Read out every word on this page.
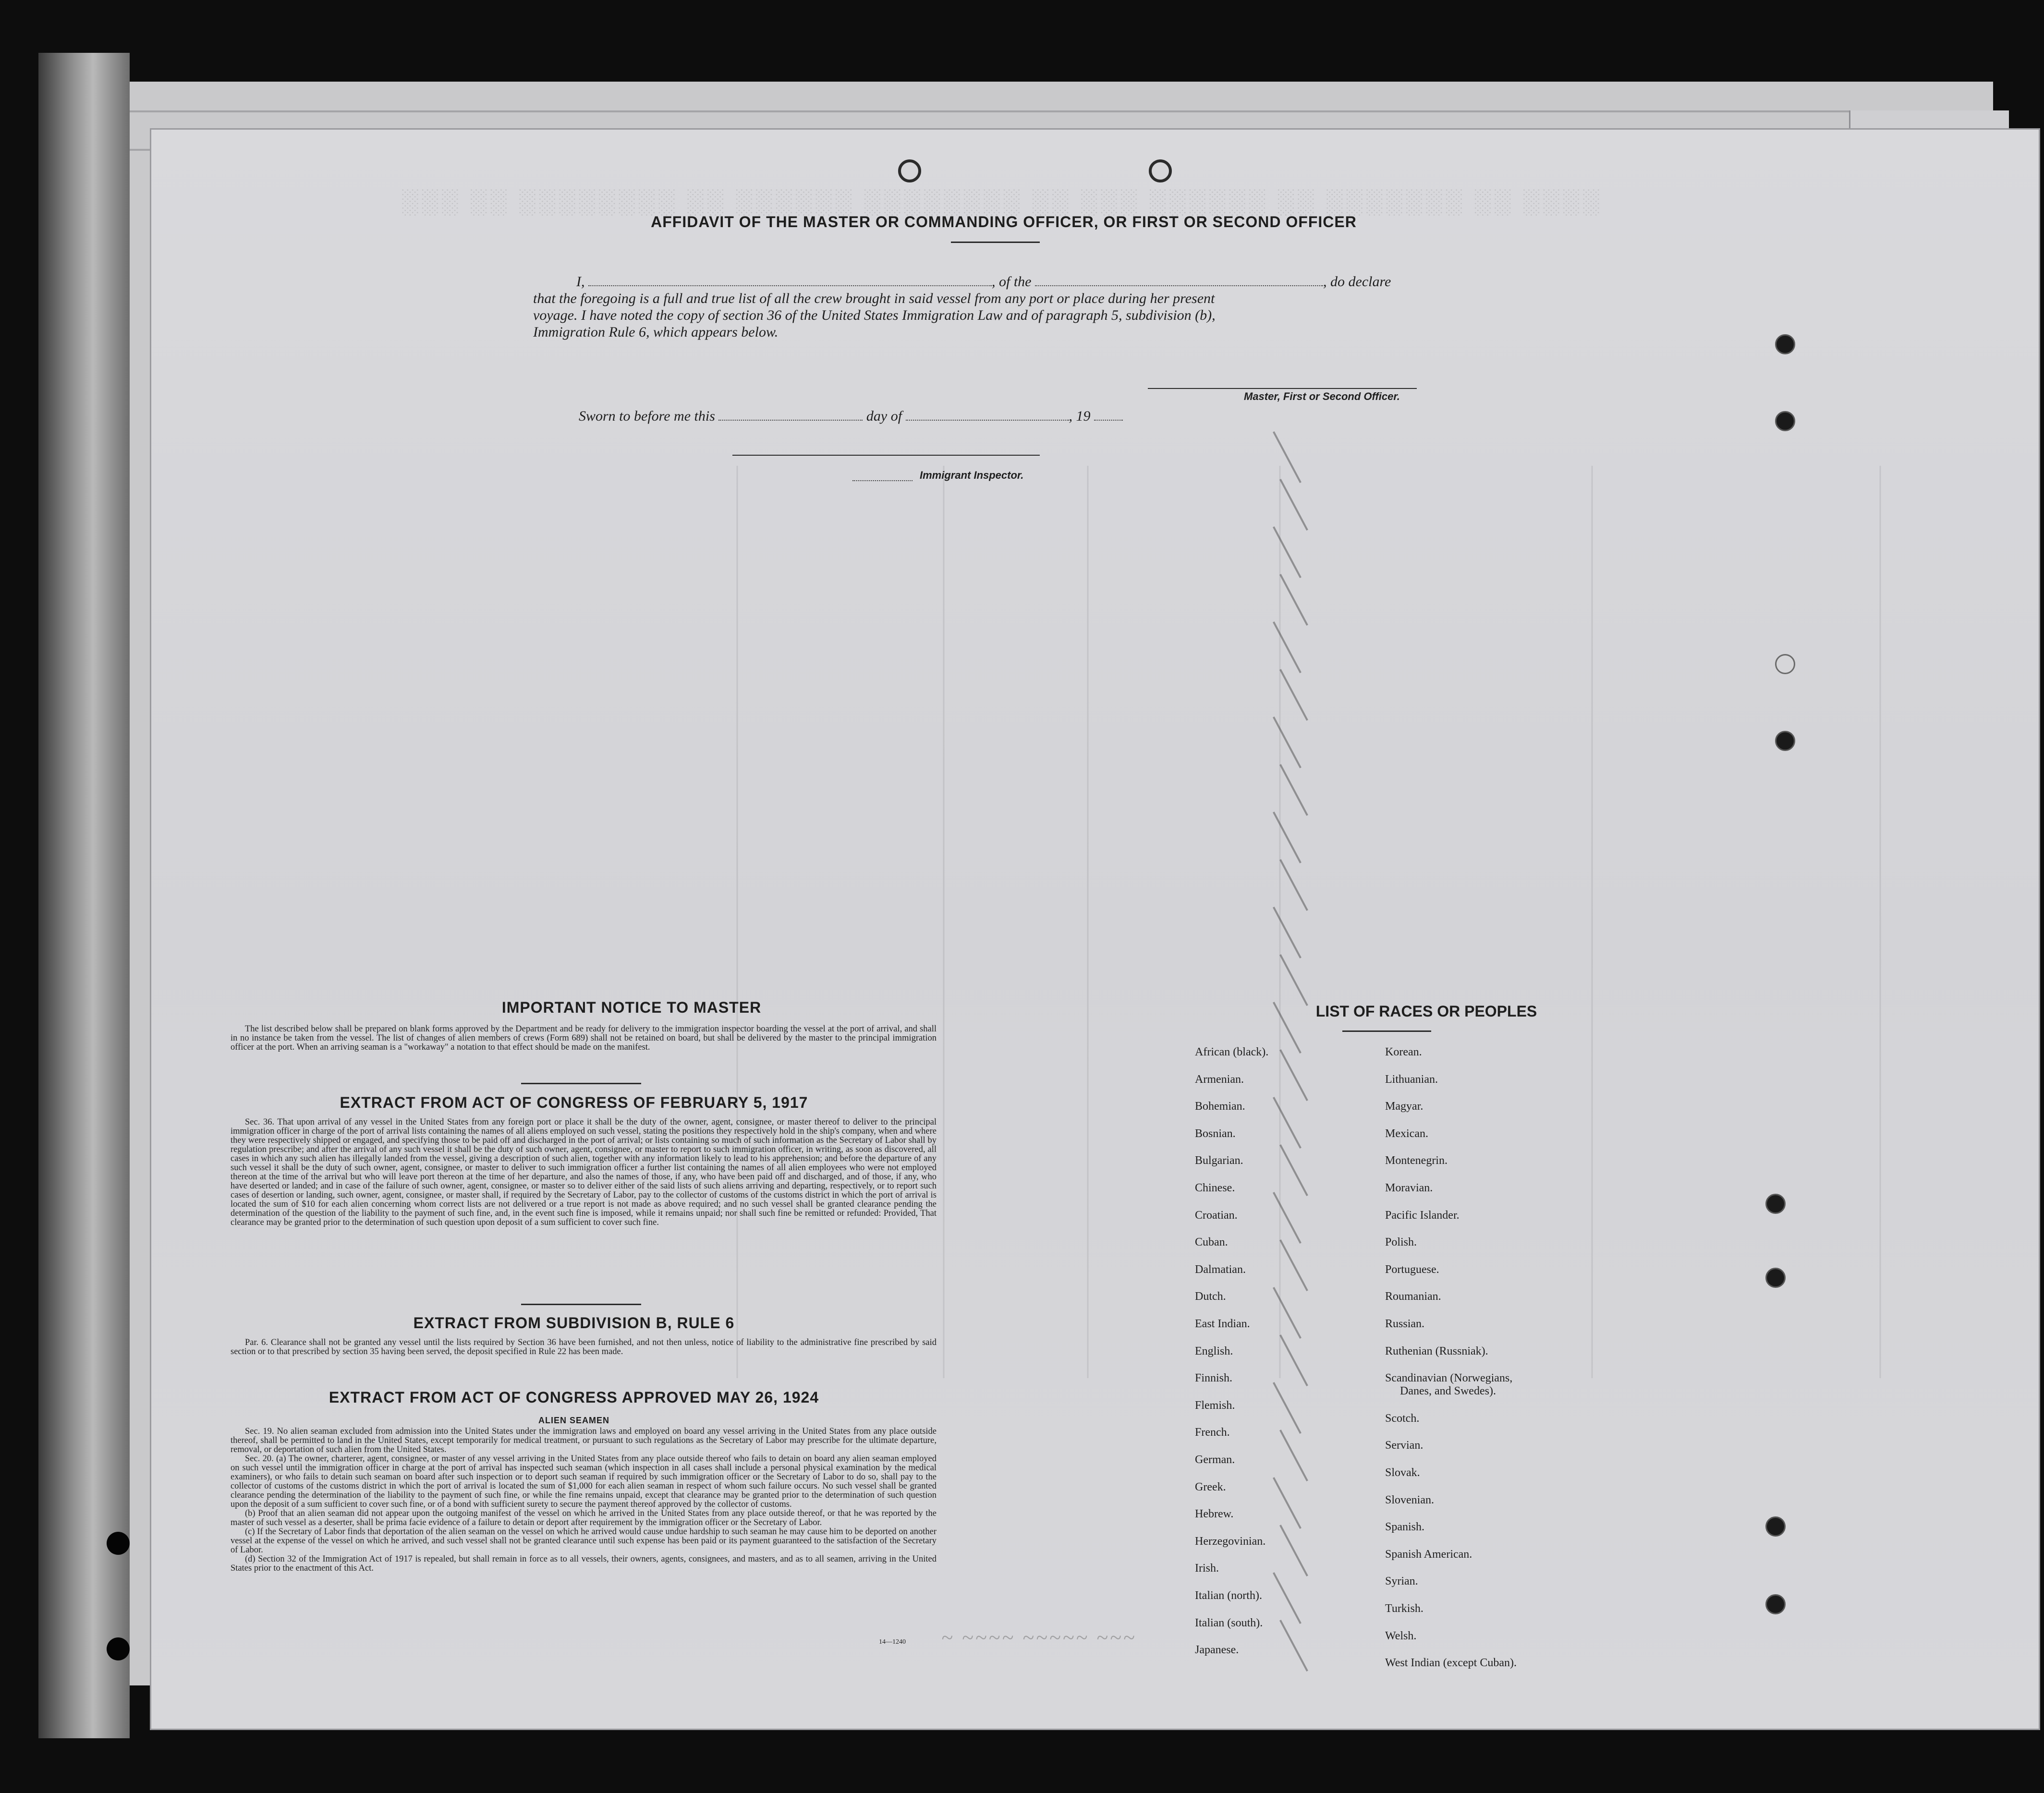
░░░ ░░ ░░░░░░░░ ░░ ░░░░░░ ░░░░░░░░ ░░ ░░░ ░░░░░░ ░░ ░░░░░░░ ░░ ░░░░
AFFIDAVIT OF THE MASTER OR COMMANDING OFFICER, OR FIRST OR SECOND OFFICER
I,	, of the	, do declare
that the foregoing is a full and true list of all the crew brought in said vessel from any port or place during her present
voyage. I have noted the copy of section 36 of the United States Immigration Law and of paragraph 5, subdivision (b),
Immigration Rule 6, which appears below.
Master, First or Second Officer.
Sworn to before me this	day of	, 19
Immigrant Inspector.
IMPORTANT NOTICE TO MASTER

The list described below shall be prepared on blank forms approved by the Department and be ready for delivery to the immigration inspector boarding the vessel at the port of arrival, and shall in no instance be taken from the vessel. The list of changes of alien members of crews (Form 689) shall not be retained on board, but shall be delivered by the master to the principal immigration officer at the port. When an arriving seaman is a "workaway" a notation to that effect should be made on the manifest.

EXTRACT FROM ACT OF CONGRESS OF FEBRUARY 5, 1917

Sec. 36. That upon arrival of any vessel in the United States from any foreign port or place it shall be the duty of the owner, agent, consignee, or master thereof to deliver to the principal immigration officer in charge of the port of arrival lists containing the names of all aliens employed on such vessel, stating the positions they respectively hold in the ship's company, when and where they were respectively shipped or engaged, and specifying those to be paid off and discharged in the port of arrival; or lists containing so much of such information as the Secretary of Labor shall by regulation prescribe; and after the arrival of any such vessel it shall be the duty of such owner, agent, consignee, or master to report to such immigration officer, in writing, as soon as discovered, all cases in which any such alien has illegally landed from the vessel, giving a description of such alien, together with any information likely to lead to his apprehension; and before the departure of any such vessel it shall be the duty of such owner, agent, consignee, or master to deliver to such immigration officer a further list containing the names of all alien employees who were not employed thereon at the time of the arrival but who will leave port thereon at the time of her departure, and also the names of those, if any, who have been paid off and discharged, and of those, if any, who have deserted or landed; and in case of the failure of such owner, agent, consignee, or master so to deliver either of the said lists of such aliens arriving and departing, respectively, or to report such cases of desertion or landing, such owner, agent, consignee, or master shall, if required by the Secretary of Labor, pay to the collector of customs of the customs district in which the port of arrival is located the sum of $10 for each alien concerning whom correct lists are not delivered or a true report is not made as above required; and no such vessel shall be granted clearance pending the determination of the question of the liability to the payment of such fine, and, in the event such fine is imposed, while it remains unpaid; nor shall such fine be remitted or refunded: Provided, That clearance may be granted prior to the determination of such question upon deposit of a sum sufficient to cover such fine.

EXTRACT FROM SUBDIVISION B, RULE 6

Par. 6. Clearance shall not be granted any vessel until the lists required by Section 36 have been furnished, and not then unless, notice of liability to the administrative fine prescribed by said section or to that prescribed by section 35 having been served, the deposit specified in Rule 22 has been made.

EXTRACT FROM ACT OF CONGRESS APPROVED MAY 26, 1924
ALIEN SEAMEN

Sec. 19. No alien seaman excluded from admission into the United States under the immigration laws and employed on board any vessel arriving in the United States from any place outside thereof, shall be permitted to land in the United States, except temporarily for medical treatment, or pursuant to such regulations as the Secretary of Labor may prescribe for the ultimate departure, removal, or deportation of such alien from the United States.

Sec. 20. (a) The owner, charterer, agent, consignee, or master of any vessel arriving in the United States from any place outside thereof who fails to detain on board any alien seaman employed on such vessel until the immigration officer in charge at the port of arrival has inspected such seaman (which inspection in all cases shall include a personal physical examination by the medical examiners), or who fails to detain such seaman on board after such inspection or to deport such seaman if required by such immigration officer or the Secretary of Labor to do so, shall pay to the collector of customs of the customs district in which the port of arrival is located the sum of $1,000 for each alien seaman in respect of whom such failure occurs. No such vessel shall be granted clearance pending the determination of the liability to the payment of such fine, or while the fine remains unpaid, except that clearance may be granted prior to the determination of such question upon the deposit of a sum sufficient to cover such fine, or of a bond with sufficient surety to secure the payment thereof approved by the collector of customs.

(b) Proof that an alien seaman did not appear upon the outgoing manifest of the vessel on which he arrived in the United States from any place outside thereof, or that he was reported by the master of such vessel as a deserter, shall be prima facie evidence of a failure to detain or deport after requirement by the immigration officer or the Secretary of Labor.

(c) If the Secretary of Labor finds that deportation of the alien seaman on the vessel on which he arrived would cause undue hardship to such seaman he may cause him to be deported on another vessel at the expense of the vessel on which he arrived, and such vessel shall not be granted clearance until such expense has been paid or its payment guaranteed to the satisfaction of the Secretary of Labor.

(d) Section 32 of the Immigration Act of 1917 is repealed, but shall remain in force as to all vessels, their owners, agents, consignees, and masters, and as to all seamen, arriving in the United States prior to the enactment of this Act.

14—1240
LIST OF RACES OR PEOPLES
African (black).
Armenian.
Bohemian.
Bosnian.
Bulgarian.
Chinese.
Croatian.
Cuban.
Dalmatian.
Dutch.
East Indian.
English.
Finnish.
Flemish.
French.
German.
Greek.
Hebrew.
Herzegovinian.
Irish.
Italian (north).
Italian (south).
Japanese.
Korean.
Lithuanian.
Magyar.
Mexican.
Montenegrin.
Moravian.
Pacific Islander.
Polish.
Portuguese.
Roumanian.
Russian.
Ruthenian (Russniak).
Scandinavian (Norwegians,
Danes, and Swedes).
Scotch.
Servian.
Slovak.
Slovenian.
Spanish.
Spanish American.
Syrian.
Turkish.
Welsh.
West Indian (except Cuban).
~ ~~~~ ~~~~~ ~~~
